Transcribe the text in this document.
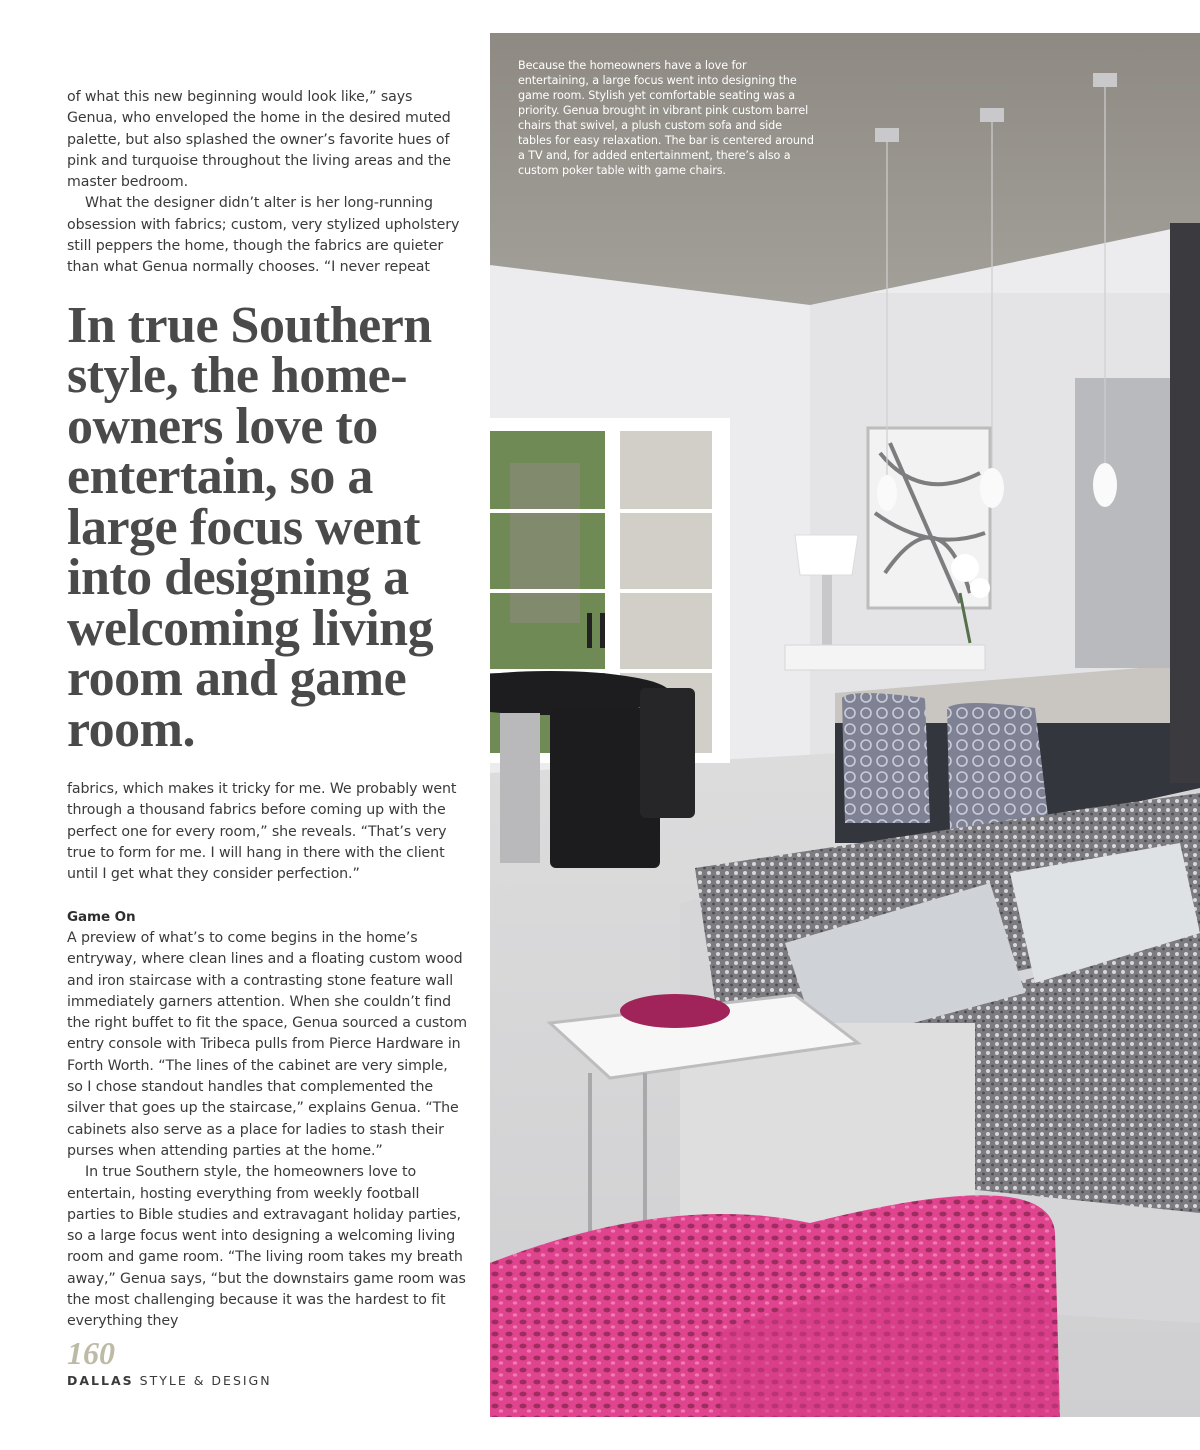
of what this new beginning would look like,” says Genua, who enveloped the home in the desired muted palette, but also splashed the owner’s favorite hues of pink and turquoise throughout the living areas and the master bedroom.

What the designer didn’t alter is her long-running obsession with fabrics; custom, very stylized upholstery still peppers the home, though the fabrics are quieter than what Genua normally chooses. “I never repeat

In true Southern style, the home-owners love to entertain, so a large focus went into designing a welcoming living room and game room.

fabrics, which makes it tricky for me. We probably went through a thousand fabrics before coming up with the perfect one for every room,” she reveals. “That’s very true to form for me. I will hang in there with the client until I get what they consider perfection.”

Game On

A preview of what’s to come begins in the home’s entryway, where clean lines and a floating custom wood and iron staircase with a contrasting stone feature wall immediately garners attention. When she couldn’t find the right buffet to fit the space, Genua sourced a custom entry console with Tribeca pulls from Pierce Hardware in Forth Worth. “The lines of the cabinet are very simple, so I chose standout handles that complemented the silver that goes up the staircase,” explains Genua. “The cabinets also serve as a place for ladies to stash their purses when attending parties at the home.”

In true Southern style, the homeowners love to entertain, hosting everything from weekly football parties to Bible studies and extravagant holiday parties, so a large focus went into designing a welcoming living room and game room. “The living room takes my breath away,” Genua says, “but the downstairs game room was the most challenging because it was the hardest to fit everything they

160
DALLAS STYLE & DESIGN
Because the homeowners have a love for entertaining, a large focus went into designing the game room. Stylish yet comfortable seating was a priority. Genua brought in vibrant pink custom barrel chairs that swivel, a plush custom sofa and side tables for easy relaxation. The bar is centered around a TV and, for added entertainment, there’s also a custom poker table with game chairs.
